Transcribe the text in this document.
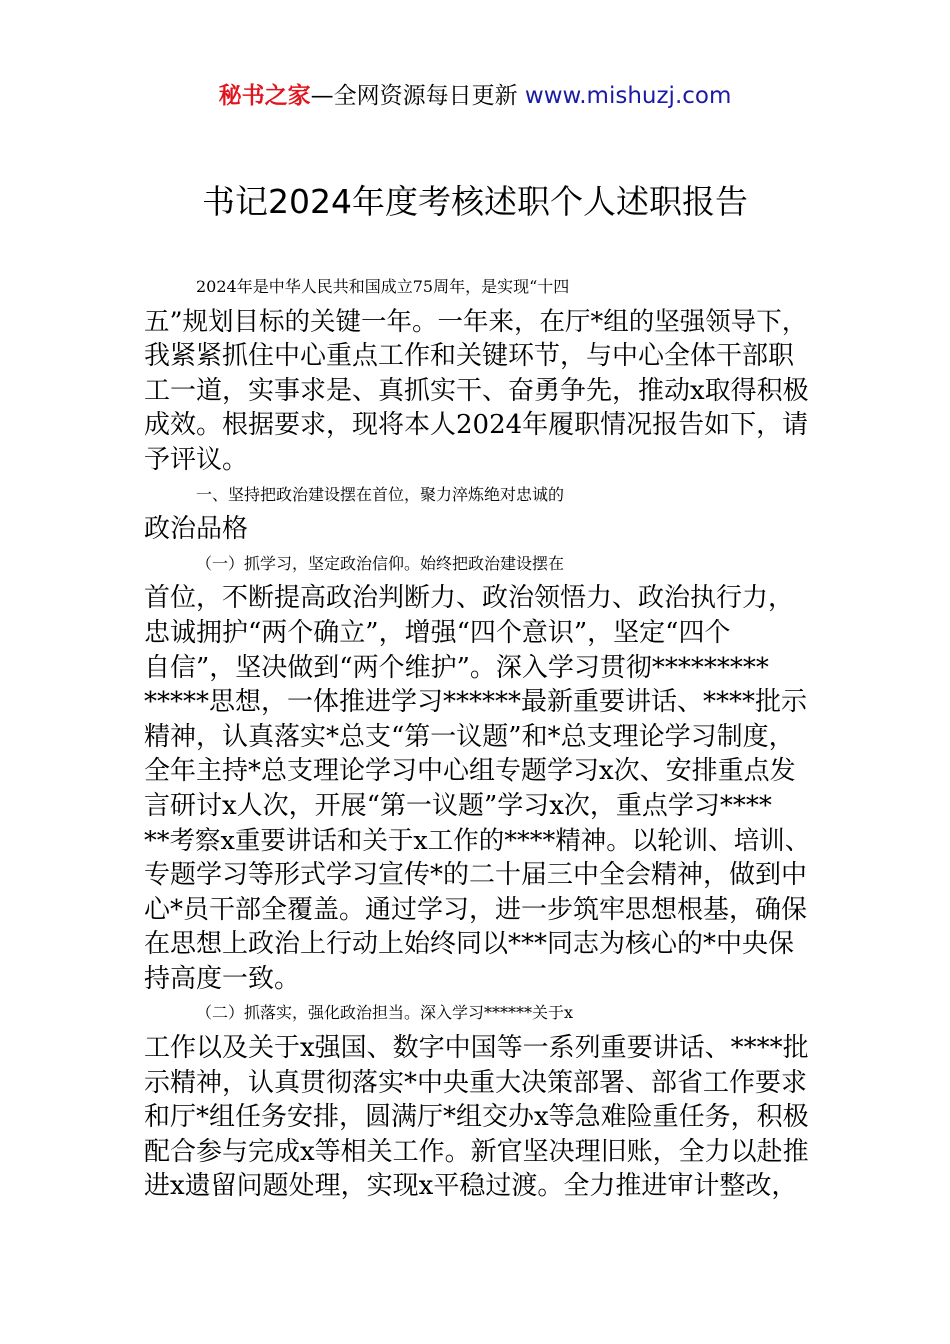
秘书之家—全网资源每日更新 www.mishuzj.com
书记2024年度考核述职个人述职报告
2024年是中华人民共和国成立75周年，是实现“十四
五”规划目标的关键一年。一年来，在厅*组的坚强领导下，
我紧紧抓住中心重点工作和关键环节，与中心全体干部职
工一道，实事求是、真抓实干、奋勇争先，推动x取得积极
成效。根据要求，现将本人2024年履职情况报告如下，请
予评议。
一、坚持把政治建设摆在首位，聚力淬炼绝对忠诚的
政治品格
（一）抓学习，坚定政治信仰。始终把政治建设摆在
首位，不断提高政治判断力、政治领悟力、政治执行力，
忠诚拥护“两个确立”，增强“四个意识”，坚定“四个
自信”，坚决做到“两个维护”。深入学习贯彻*********
*****思想，一体推进学习******最新重要讲话、****批示
精神，认真落实*总支“第一议题”和*总支理论学习制度，
全年主持*总支理论学习中心组专题学习x次、安排重点发
言研讨x人次，开展“第一议题”学习x次，重点学习****
**考察x重要讲话和关于x工作的****精神。以轮训、培训、
专题学习等形式学习宣传*的二十届三中全会精神，做到中
心*员干部全覆盖。通过学习，进一步筑牢思想根基，确保
在思想上政治上行动上始终同以***同志为核心的*中央保
持高度一致。
（二）抓落实，强化政治担当。深入学习******关于x
工作以及关于x强国、数字中国等一系列重要讲话、****批
示精神，认真贯彻落实*中央重大决策部署、部省工作要求
和厅*组任务安排，圆满厅*组交办x等急难险重任务，积极
配合参与完成x等相关工作。新官坚决理旧账，全力以赴推
进x遗留问题处理，实现x平稳过渡。全力推进审计整改，
